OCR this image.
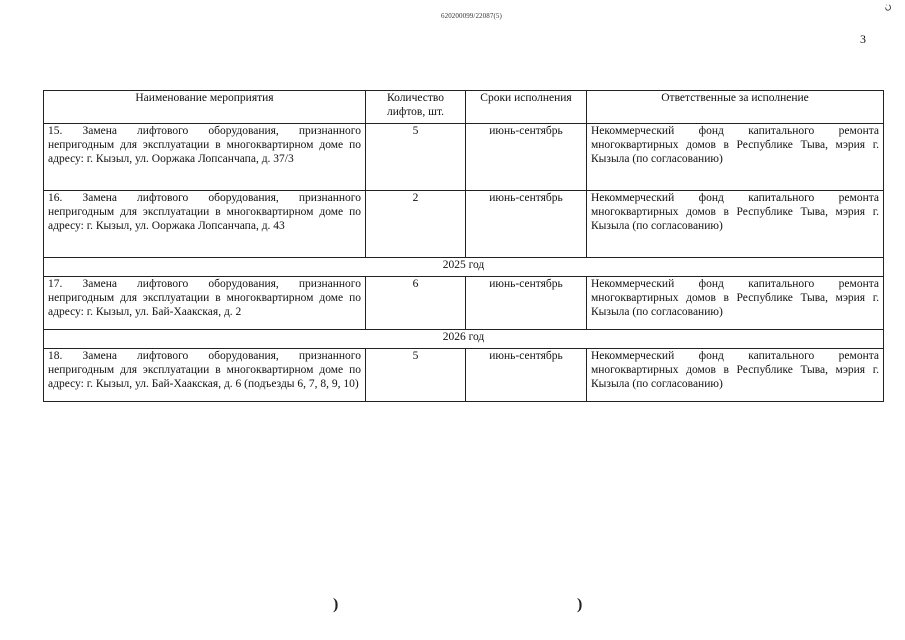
620200099/22087(5)
ن
3
Наименование мероприятия	Количество лифтов, шт.	Сроки исполнения	Ответственные за исполнение
15. Замена лифтового оборудования, признанного непригодным для эксплуатации в многоквартирном доме по адресу: г. Кызыл, ул. Ооржака Лопсанчапа, д. 37/3	5	июнь-сентябрь	Некоммерческий фонд капитального ремонта многоквартирных домов в Республике Тыва, мэрия г. Кызыла (по согласованию)
16. Замена лифтового оборудования, признанного непригодным для эксплуатации в многоквартирном доме по адресу: г. Кызыл, ул. Ооржака Лопсанчапа, д. 43	2	июнь-сентябрь	Некоммерческий фонд капитального ремонта многоквартирных домов в Республике Тыва, мэрия г. Кызыла (по согласованию)
2025 год			
17. Замена лифтового оборудования, признанного непригодным для эксплуатации в многоквартирном доме по адресу: г. Кызыл, ул. Бай-Хаакская, д. 2	6	июнь-сентябрь	Некоммерческий фонд капитального ремонта многоквартирных домов в Республике Тыва, мэрия г. Кызыла (по согласованию)
2026 год			
18. Замена лифтового оборудования, признанного непригодным для эксплуатации в многоквартирном доме по адресу: г. Кызыл, ул. Бай-Хаакская, д. 6 (подъезды 6, 7, 8, 9, 10)	5	июнь-сентябрь	Некоммерческий фонд капитального ремонта многоквартирных домов в Республике Тыва, мэрия г. Кызыла (по согласованию)
)	)
